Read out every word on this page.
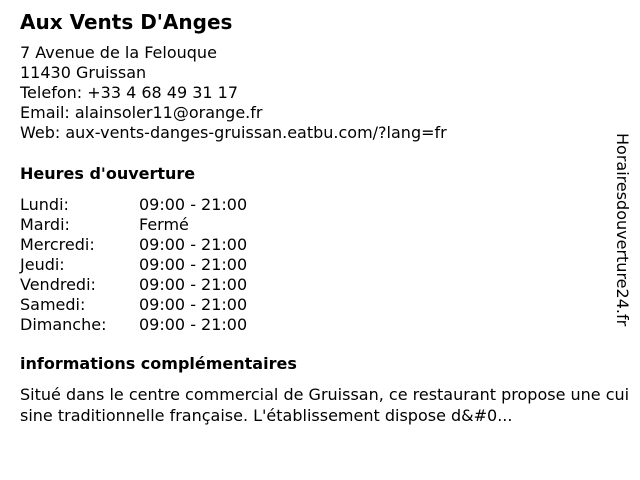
Aux Vents D'Anges
7 Avenue de la Felouque
11430 Gruissan
Telefon: +33 4 68 49 31 17
Email: alainsoler11@orange.fr
Web: aux-vents-danges-gruissan.eatbu.com/?lang=fr
Heures d'ouverture
Lundi:	09:00 - 21:00
Mardi:	Fermé
Mercredi:	09:00 - 21:00
Jeudi:	09:00 - 21:00
Vendredi:	09:00 - 21:00
Samedi:	09:00 - 21:00
Dimanche: 09:00 - 21:00
informations complémentaires
Situé dans le centre commercial de Gruissan, ce restaurant propose une cuisine traditionnelle française. L'établissement dispose d&#0...
Horairesdouverture24.fr
